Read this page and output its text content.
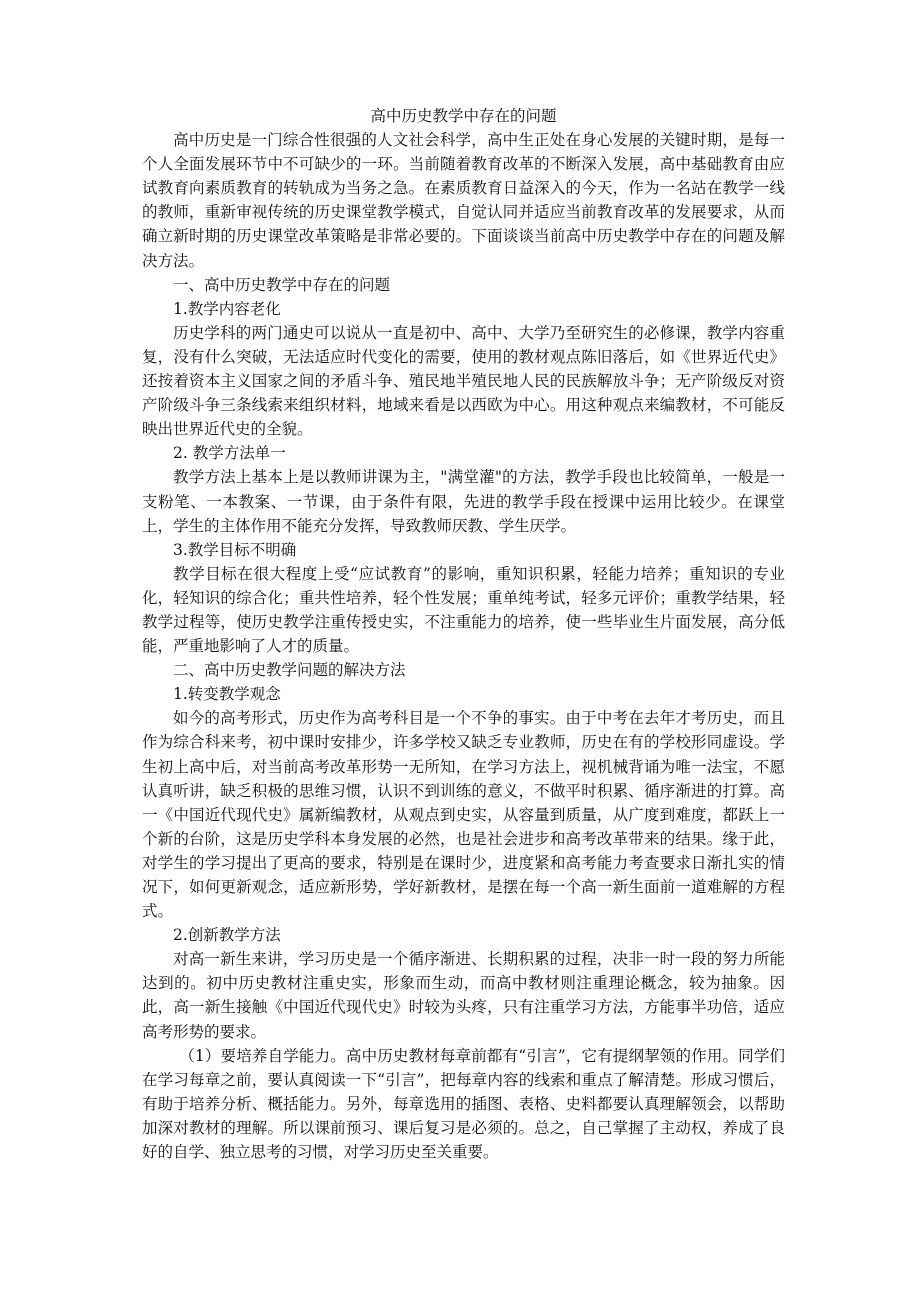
高中历史教学中存在的问题

高中历史是一门综合性很强的人文社会科学，高中生正处在身心发展的关键时期，是每一个人全面发展环节中不可缺少的一环。当前随着教育改革的不断深入发展，高中基础教育由应试教育向素质教育的转轨成为当务之急。在素质教育日益深入的今天，作为一名站在教学一线的教师，重新审视传统的历史课堂教学模式，自觉认同并适应当前教育改革的发展要求，从而确立新时期的历史课堂改革策略是非常必要的。下面谈谈当前高中历史教学中存在的问题及解决方法。

一、高中历史教学中存在的问题

1.教学内容老化

历史学科的两门通史可以说从一直是初中、高中、大学乃至研究生的必修课，教学内容重复，没有什么突破，无法适应时代变化的需要，使用的教材观点陈旧落后，如《世界近代史》还按着资本主义国家之间的矛盾斗争、殖民地半殖民地人民的民族解放斗争；无产阶级反对资产阶级斗争三条线索来组织材料，地域来看是以西欧为中心。用这种观点来编教材，不可能反映出世界近代史的全貌。

2. 教学方法单一

教学方法上基本上是以教师讲课为主，"满堂灌"的方法，教学手段也比较简单，一般是一支粉笔、一本教案、一节课，由于条件有限，先进的教学手段在授课中运用比较少。在课堂上，学生的主体作用不能充分发挥，导致教师厌教、学生厌学。

3.教学目标不明确

教学目标在很大程度上受“应试教育”的影响，重知识积累，轻能力培养；重知识的专业化，轻知识的综合化；重共性培养，轻个性发展；重单纯考试，轻多元评价；重教学结果，轻教学过程等，使历史教学注重传授史实，不注重能力的培养，使一些毕业生片面发展，高分低能，严重地影响了人才的质量。

二、高中历史教学问题的解决方法

1.转变教学观念

如今的高考形式，历史作为高考科目是一个不争的事实。由于中考在去年才考历史，而且作为综合科来考，初中课时安排少，许多学校又缺乏专业教师，历史在有的学校形同虚设。学生初上高中后，对当前高考改革形势一无所知，在学习方法上，视机械背诵为唯一法宝，不愿认真听讲，缺乏积极的思维习惯，认识不到训练的意义，不做平时积累、循序渐进的打算。高一《中国近代现代史》属新编教材，从观点到史实，从容量到质量，从广度到难度，都跃上一个新的台阶，这是历史学科本身发展的必然，也是社会进步和高考改革带来的结果。缘于此，对学生的学习提出了更高的要求，特别是在课时少，进度紧和高考能力考查要求日渐扎实的情况下，如何更新观念，适应新形势，学好新教材，是摆在每一个高一新生面前一道难解的方程式。

2.创新教学方法

对高一新生来讲，学习历史是一个循序渐进、长期积累的过程，决非一时一段的努力所能达到的。初中历史教材注重史实，形象而生动，而高中教材则注重理论概念，较为抽象。因此，高一新生接触《中国近代现代史》时较为头疼，只有注重学习方法，方能事半功倍，适应高考形势的要求。

（1）要培养自学能力。高中历史教材每章前都有“引言”，它有提纲挈领的作用。同学们在学习每章之前，要认真阅读一下“引言”，把每章内容的线索和重点了解清楚。形成习惯后，有助于培养分析、概括能力。另外，每章选用的插图、表格、史料都要认真理解领会，以帮助加深对教材的理解。所以课前预习、课后复习是必须的。总之，自己掌握了主动权，养成了良好的自学、独立思考的习惯，对学习历史至关重要。
